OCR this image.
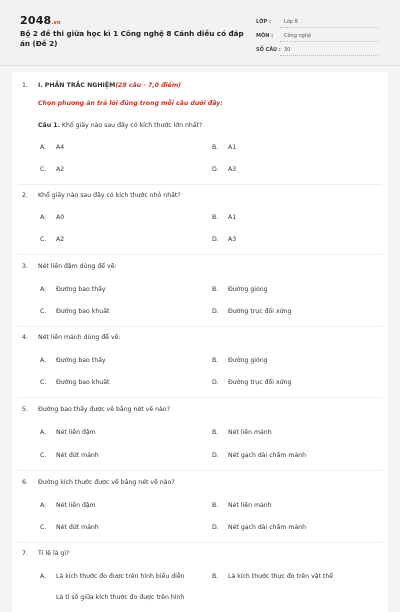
2048.vn
Bộ 2 đề thi giữa học kì 1 Công nghệ 8 Cánh diều có đáp án (Đề 2)
LỚP :	Lớp 8
MÔN : Công nghệ
SỐ CÂU : 30
1. I. PHẦN TRẮC NGHIỆM(28 câu - 7,0 điểm)
Chọn phương án trả lời đúng trong mỗi câu dưới đây:
Câu 1. Khổ giấy nào sau đây có kích thước lớn nhất?
A. A4	B. A1
C. A2	D. A3
2. Khổ giấy nào sau đây có kích thước nhỏ nhất?
A. A0	B. A1
C. A2	D. A3
3. Nét liền đậm dùng để vẽ:
A. Đường bao thấy	B. Đường gióng
C. Đường bao khuất	D. Đường trục đối xứng
4. Nét liền mảnh dùng để vẽ:
A. Đường bao thấy	B. Đường gióng
C. Đường bao khuất	D. Đường trục đối xứng
5. Đường bao thấy được vẽ bằng nét vẽ nào?
A. Nét liền đậm	B. Nét liền mảnh
C. Nét đứt mảnh	D. Nét gạch dài chấm mảnh
6. Đường kích thước được vẽ bằng nét vẽ nào?
A. Nét liền đậm	B. Nét liền mảnh
C. Nét đứt mảnh	D. Nét gạch dài chấm mảnh
7. Tỉ lệ là gì?
A. Là kích thước đo được trên hình biểu diễn	B. Là kích thước thực đo trên vật thể
Là tỉ số giữa kích thước đo được trên hình
